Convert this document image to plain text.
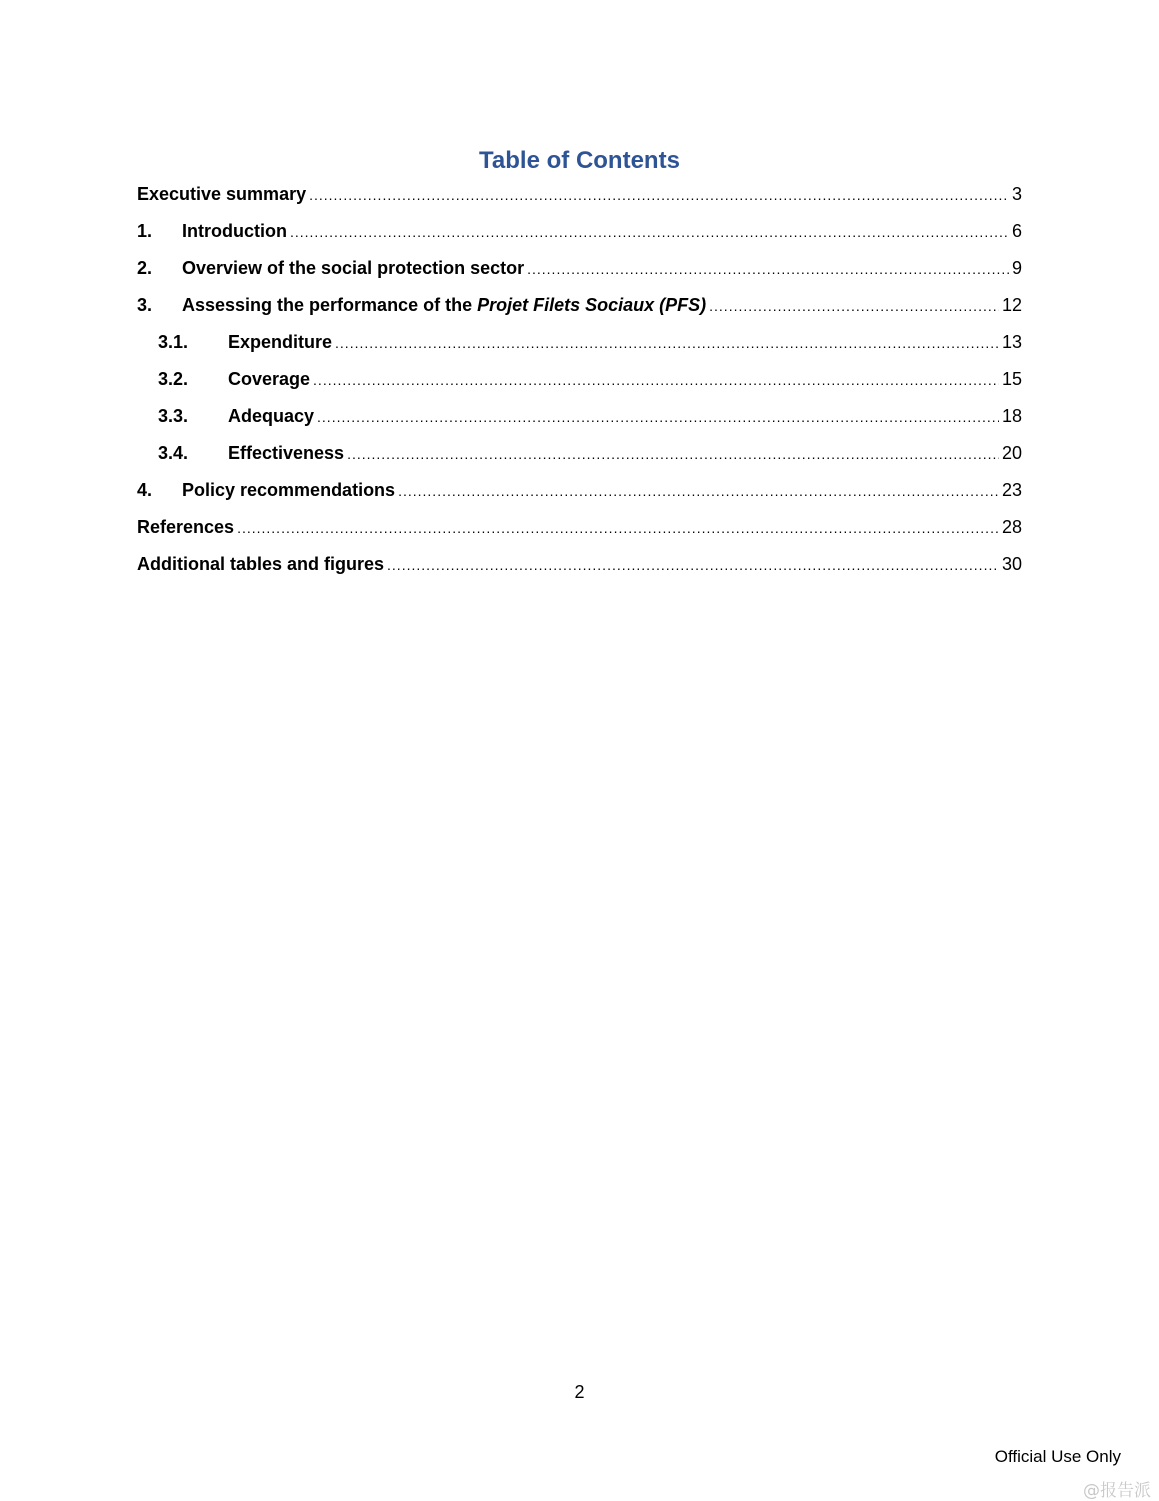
Table of Contents
Executive summary .....	3
1.	Introduction .....	6
2.	Overview of the social protection sector .....	9
3.	Assessing the performance of the Projet Filets Sociaux (PFS) .....	12
3.1.	Expenditure .....	13
3.2.	Coverage .....	15
3.3.	Adequacy .....	18
3.4.	Effectiveness .....	20
4.	Policy recommendations .....	23
References .....	28
Additional tables and figures .....	30
2
Official Use Only
@报告派
